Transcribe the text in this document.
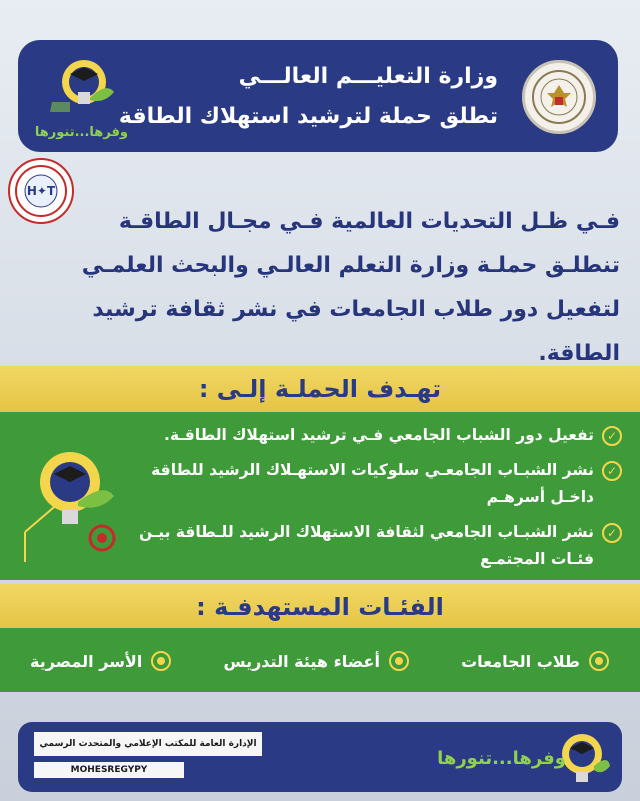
وزارة التعليـــم العالـــي
تطلق حملة لترشيد استهلاك الطاقة
وفرها...تنورها
H✦T
فـي ظـل التحديات العالمية فـي مجـال الطاقـة
تنطلـق حملـة وزارة التعلم العالـي والبحث العلمـي
لتفعيل دور طلاب الجامعات في نشر ثقافة ترشيد الطاقة.
تهـدف الحملـة إلـى :
✓
تفعيل دور الشباب الجامعي فـي ترشيد استهلاك الطاقـة.
✓
نشر الشبـاب الجامعـي سلوكيات الاستهـلاك الرشيد للطاقة داخـل أسرهـم
✓
نشر الشبـاب الجامعي لثقافة الاستهلاك الرشيد للـطاقة بيـن فئـات المجتمـع
الفئـات المستهدفـة :
طلاب الجامعات
أعضاء هيئة التدريس
الأسر المصرية
الإدارة العامة للمكتب الإعلامي والمتحدث الرسمي
MOHESREGYPY
وفرها...تنورها
